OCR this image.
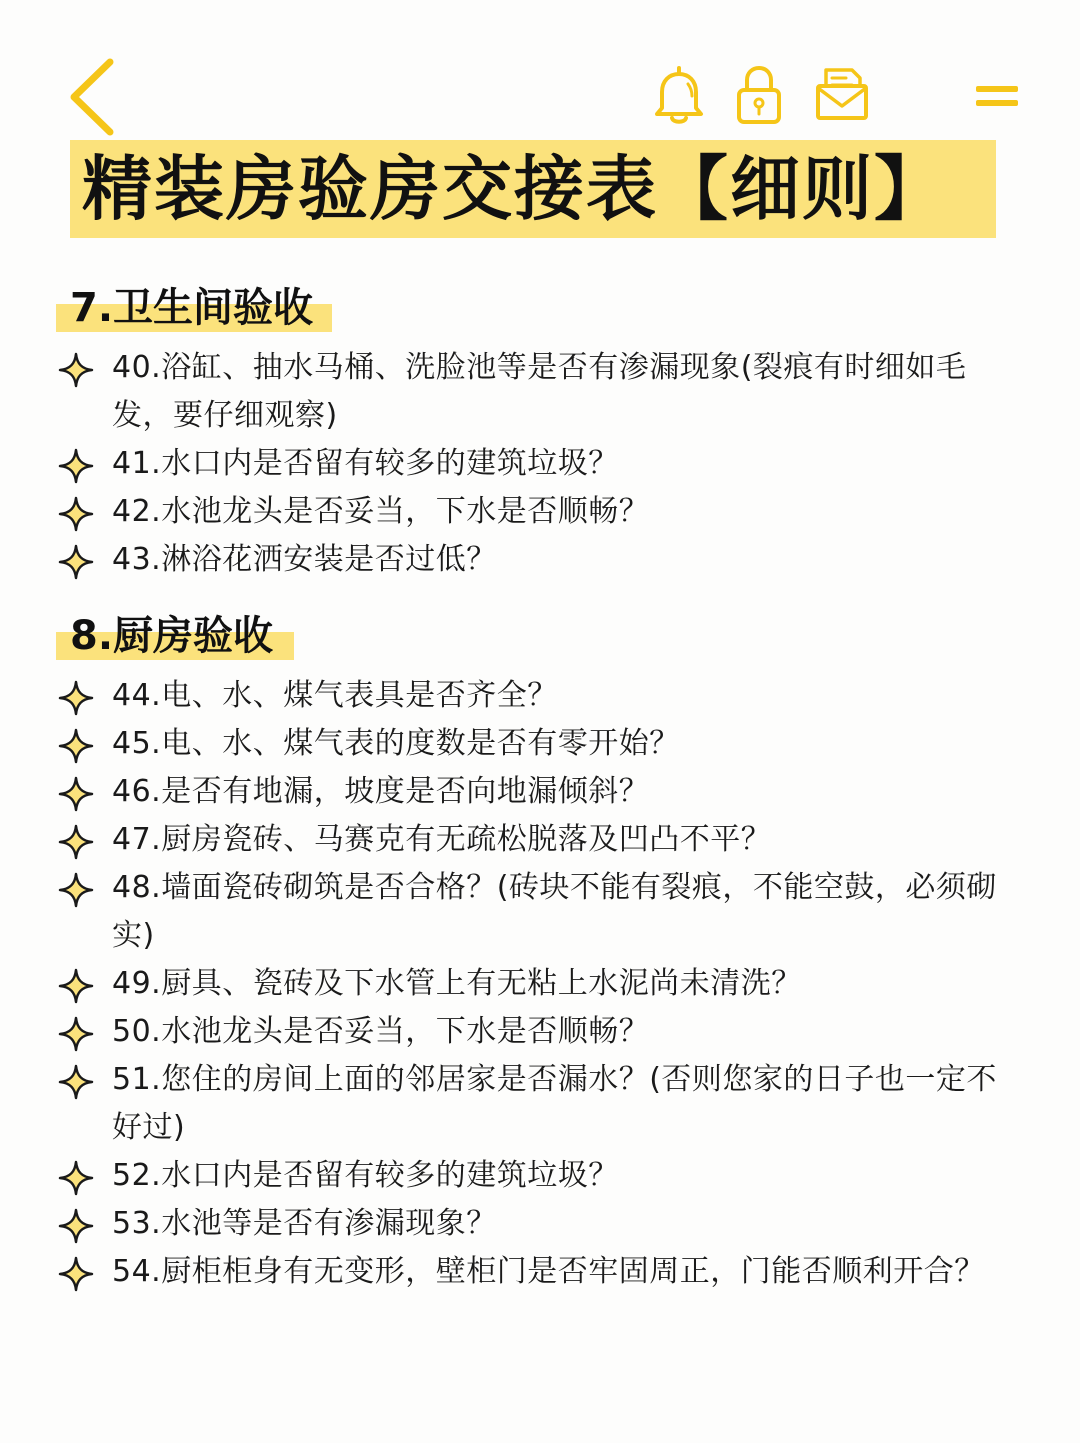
精装房验房交接表【细则】
7.卫生间验收
40.浴缸、抽水马桶、洗脸池等是否有渗漏现象(裂痕有时细如毛发，要仔细观察)
41.水口内是否留有较多的建筑垃圾？
42.水池龙头是否妥当，下水是否顺畅？
43.淋浴花洒安装是否过低？
8.厨房验收
44.电、水、煤气表具是否齐全？
45.电、水、煤气表的度数是否有零开始？
46.是否有地漏，坡度是否向地漏倾斜？
47.厨房瓷砖、马赛克有无疏松脱落及凹凸不平？
48.墙面瓷砖砌筑是否合格？(砖块不能有裂痕，不能空鼓，必须砌实)
49.厨具、瓷砖及下水管上有无粘上水泥尚未清洗？
50.水池龙头是否妥当，下水是否顺畅？
51.您住的房间上面的邻居家是否漏水？(否则您家的日子也一定不好过)
52.水口内是否留有较多的建筑垃圾？
53.水池等是否有渗漏现象？
54.厨柜柜身有无变形，壁柜门是否牢固周正，门能否顺利开合？
